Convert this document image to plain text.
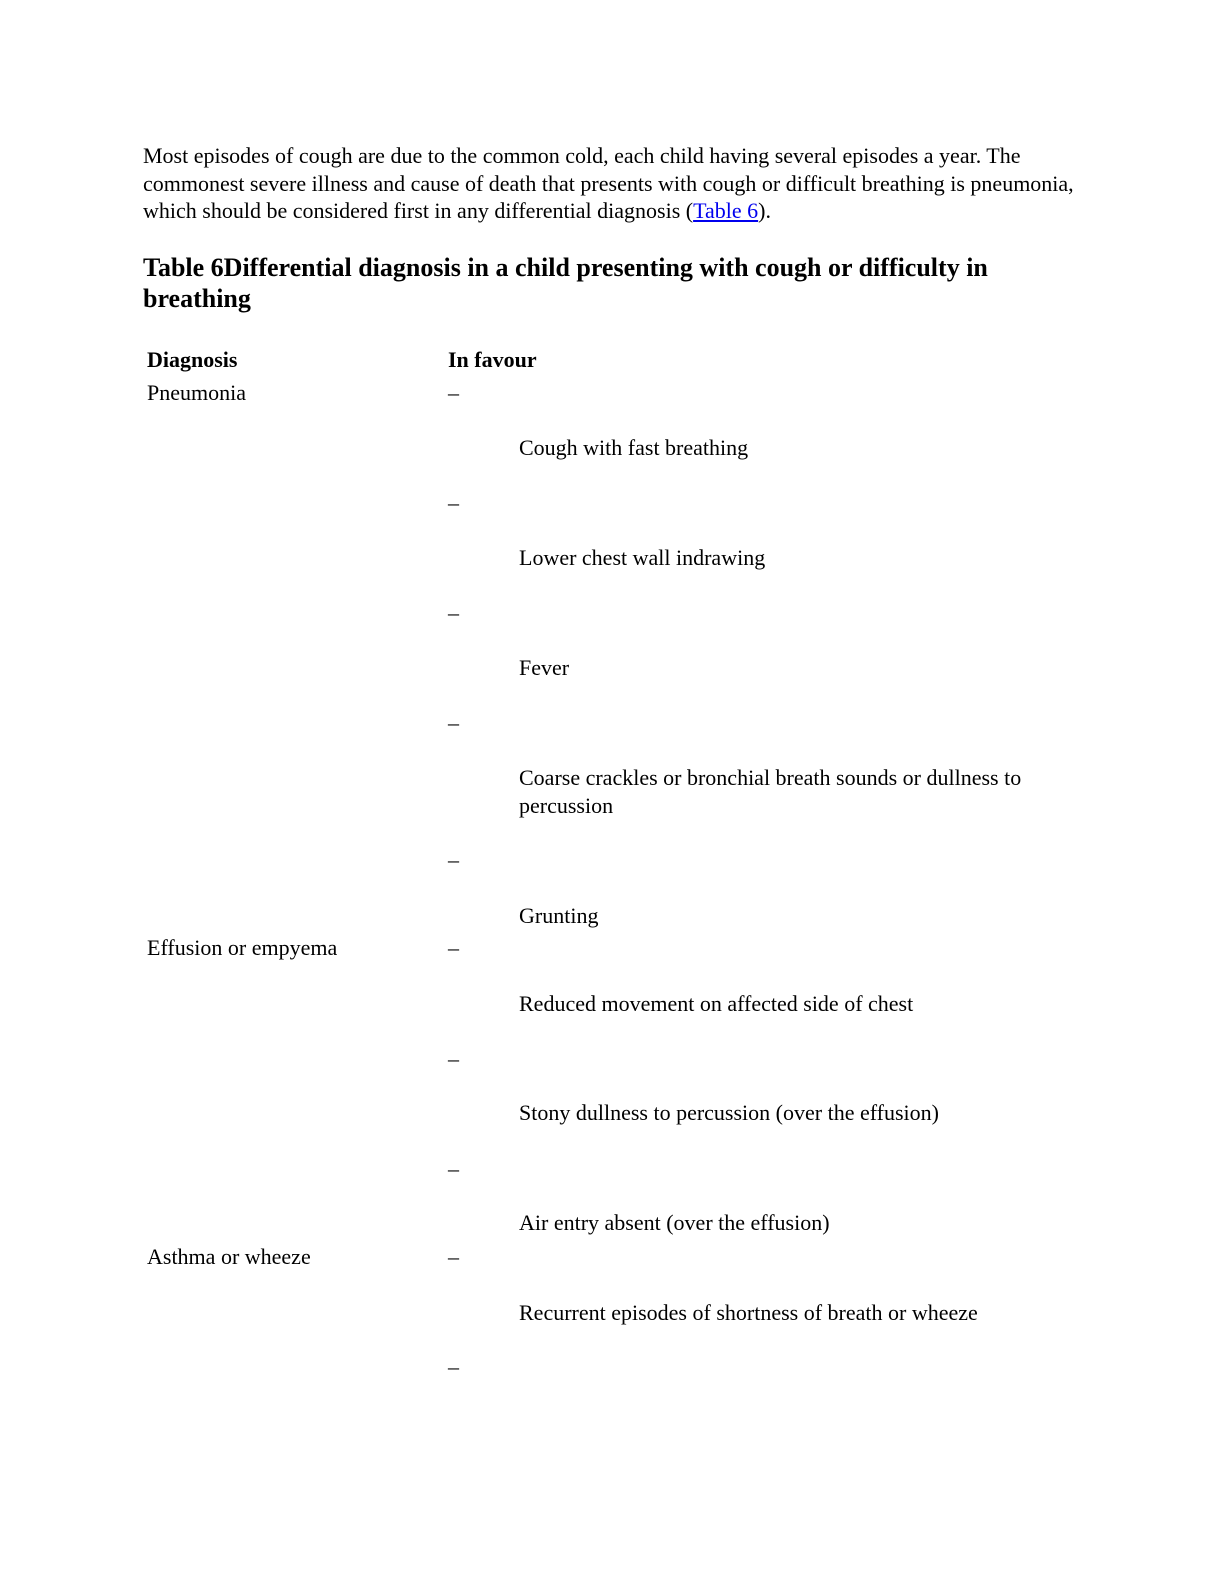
Most episodes of cough are due to the common cold, each child having several episodes a year. The commonest severe illness and cause of death that presents with cough or difficult breathing is pneumonia, which should be considered first in any differential diagnosis (Table 6).

Table 6Differential diagnosis in a child presenting with cough or difficulty in breathing
Diagnosis	In favour
Pneumonia	–
Cough with fast breathing
–
Lower chest wall indrawing
–
Fever
–
Coarse crackles or bronchial breath sounds or dullness to percussion
–
Grunting
Effusion or empyema	–
Reduced movement on affected side of chest
–
Stony dullness to percussion (over the effusion)
–
Air entry absent (over the effusion)
Asthma or wheeze	–
Recurrent episodes of shortness of breath or wheeze
–
